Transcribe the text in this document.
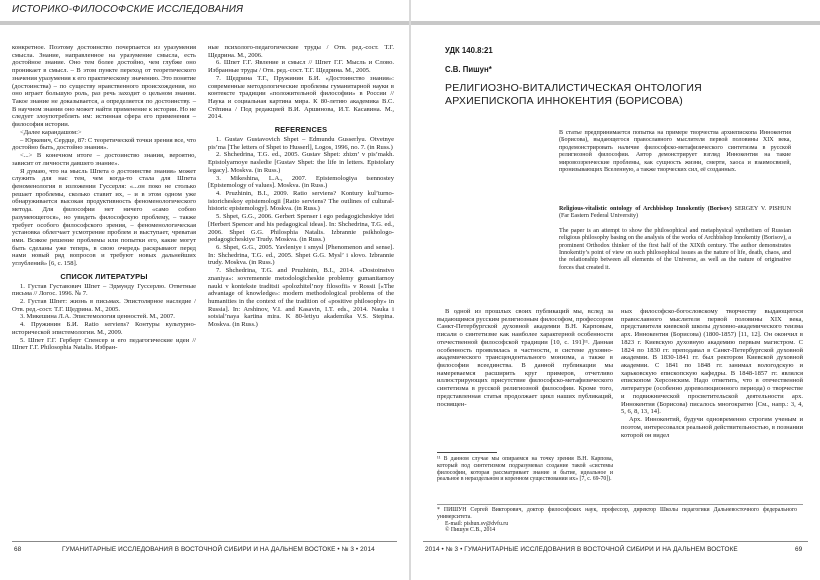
ИСТОРИКО-ФИЛОСОФСКИЕ ИССЛЕДОВАНИЯ

конкретное. Поэтому достоинство почерпается из уразумения смысла. Знание, направленное на уразумение смысла, есть достойное знание. Оно тем более достойно, чем глубже оно проникает в смысл. – В этом пункте переход от теоретического значения уразумения к его практическому значению. Это понятие (достоинства) – по существу нравственного происхождения, но оно играет большую роль, раз речь заходит о цельном знании. Такое знание не доказывается, а определяется по достоинству. – В научном знании оно может найти применение к истории. Но не следует злоупотреблять им: истинная сфера его применения – философия истории.

<Далее карандашом:>

– Юркевич, Сердце, 87: С теоретической точки зрения все, что достойно быть, достойно знания».

<...> В конечном итоге – достоинство знания, вероятно, зависит от личности давшего знание».

Я думаю, что на мысль Шпета о достоинстве знания» может служить для нас тем, чем когда-то стала для Шпета феноменология в изложении Гуссерля: «...он поко не столько решает проблемы, сколько ставит их, – и в этом одном уже обнаруживается высокая продуктивность феноменологического метода. Для философии нет ничего «само собою разумеющегося», но увидеть философскую проблему, – также требует особого философского зрения, – феноменологическая установка облегчает усмотрение проблем и выступает, чреватая ими. Всякое решение проблемы или попытки его, какие могут быть сделаны уже теперь, в свою очередь раскрывают перед нами новый ряд вопросов и требуют новых дальнейших углублений» [6, с. 158].

СПИСОК ЛИТЕРАТУРЫ

1. Густав Густавович Шпет – Эдмунду Гуссерлю. Ответные письма // Логос. 1996. № 7.

2. Густав Шпет: жизнь в письмах. Эпистолярное наследие / Отв. ред.-сост. Т.Г. Щедрина. М., 2005.

3. Микешина Л.А. Эпистемология ценностей. М., 2007.

4. Пружинин Б.И. Ratio serviens? Контуры культурно-исторической эпистемологии. М., 2009.

5. Шпет Г.Г. Герберт Спенсер и его педагогические идеи // Шпет Г.Г. Philosophia Natalis. Избран-

ные психолого-педагогические труды / Отв. ред.-сост. Т.Г. Щедрина. М., 2006.

6. Шпет Г.Г. Явление и смысл // Шпет Г.Г. Мысль и Слово. Избранные труды / Отв. ред.-сост. Т.Г. Щедрина. М., 2005.

7. Щедрина Т.Г., Пружинин Б.И. «Достоинство знания»: современные методологические проблемы гуманитарной науки в контексте традиции «положительной философии» в России // Наука и социальная картина мира. К 80-летию академика В.С. Стёпина / Под редакцией В.И. Аршинова, И.Т. Касавина. М., 2014.

REFERENCES

1. Gustav Gustavovich Shpet – Edmundu Gusserlyu. Otvetnye pis’ma [The letters of Shpet to Husserl], Logos, 1996, no. 7. (in Russ.)

2. Shchedrina, T.G. ed., 2005. Gustav Shpet: zhizn’ v pis’makh. Epistolyarnoye nasledie [Gustav Shpet: the life in letters. Epistolary legacy]. Moskva. (in Russ.)

3. Mikeshina, L.A., 2007. Epistemologiya tsennostey [Epistemology of values]. Moskva. (in Russ.)

4. Pruzhinin, B.I., 2009. Ratio serviens? Kontury kul’turno-istoricheskoy epistemologii [Ratio serviens? The outlines of cultural-historic epistemology]. Moskva. (in Russ.)

5. Shpet, G.G., 2006. Gerbert Spenser i ego pedagogicheskiye idei [Herbert Spencer and his pedagogical ideas]. In: Shchedrina, T.G. ed., 2006. Shpet G.G. Philosphia Natalis. Izbrannie psikhologo-pedagogicheskiye Trudy. Moskva. (in Russ.)

6. Shpet, G.G., 2005. Yavleniye i smysl [Phenomenon and sense]. In: Shchedrina, T.G. ed., 2005. Shpet G.G. Mysl’ i slovo. Izbrannie trudy. Moskva. (in Russ.)

7. Shchedrina, T.G. and Pruzhinin, B.I., 2014. «Dostoinstvo znaniya»: sovremennie metodologicheskie problemy gumanitarnoy nauki v kontekste traditsii «polozhitel’noy filosofii» v Rossii [«The advantage of knowledge»: modern methodological problems of the humanities in the context of the tradition of «positive philosophy» in Russia]. In: Arshinov, V.I. and Kasavin, I.T. eds., 2014. Nauka i sotsial’naya kartina mira. K 80-letiyu akademika V.S. Stepina. Moskva. (in Russ.)

68	ГУМАНИТАРНЫЕ ИССЛЕДОВАНИЯ В ВОСТОЧНОЙ СИБИРИ И НА ДАЛЬНЕМ ВОСТОКЕ • № 3 • 2014
УДК 140.8:21
С.В. Пишун*
РЕЛИГИОЗНО-ВИТАЛИСТИЧЕСКАЯ ОНТОЛОГИЯ
АРХИЕПИСКОПА ИННОКЕНТИЯ (БОРИСОВА)

В статье предпринимается попытка на примере творчества архиепископа Иннокентия (Борисова), выдающегося православного мыслителя первой половины XIX века, продемонстрировать наличие философско-метафизического синтетизма в русской религиозной философии. Автор демонстрирует взгляд Иннокентия на такие мировоззренческие проблемы, как сущность жизни, смерти, хаоса и взаимосвязей, пронизывающих Вселенную, а также творческих сил, её созданных.

Religious-vitalistic ontology of Archbishop Innokentiy (Borisov) SERGEY V. PISHUN (Far Eastern Federal University)

The paper is an attempt to show the philosophical and metaphysical synthetism of Russian religious philosophy basing on the analysis of the works of Archbishop Innokentiy (Borisov), a prominent Orthodox thinker of the first half of the XIXth century. The author demonstrates Innokentiy’s point of view on such philosophical issues as the nature of life, death, chaos, and the relationship between all elements of the Universe, as well as the nature of originative forces that created it.

В одной из прошлых своих публикаций мы, вслед за выдающимся русским религиозным философом, профессором Санкт-Петербургской духовной академии В.Н. Карповым, писали о синтетизме как наиболее характерной особенности отечественной философской традиции [10, с. 191]¹¹. Данная особенность проявлялась в частности, в системе духовно-академического трансцендентального монизма, а также в философии всеединства. В данной публикации мы намереваемся расширить круг примеров, отчетливо иллюстрирующих присутствие философско-метафизического синтетизма в русской религиозной философии. Кроме того, представленная статья продолжает цикл наших публикаций, посвящен-

¹¹ В данном случае мы опираемся на точку зрения В.Н. Карпова, который под синтетизмом подразумевал создание такой «системы философии, которая рассматривает знание и бытие, идеальное и реальное в нераздельном и коренном существовании их» [7, с. 69-70]).

ных философско-богословскому творчеству выдающегося православного мыслителя первой половины XIX века, представителя киевской школы духовно-академического теизма арх. Иннокентия (Борисова) (1800-1857) [11, 12]. Он окончил в 1823 г. Киевскую духовную академию первым магистром. С 1824 по 1830 гг. преподавал в Санкт-Петербургской духовной академии. В 1830-1841 гг. был ректором Киевской духовной академии. С 1841 по 1848 гг. занимал вологодскую и харьковскую епископскую кафедры. В 1848-1857 гг. являлся епископом Херсонским. Надо отметить, что в отечественной литературе (особенно дореволюционного периода) о творчестве и подвижнической просветительской деятельности арх. Иннокентия (Борисова) писалось многократно [См., напр.: 3, 4, 5, 6, 8, 13, 14].

Арх. Иннокентий, будучи одновременно строгим ученым и поэтом, интересовался реальной действительностью, в познании которой он видел

* ПИШУН Сергей Викторович, доктор философских наук, профессор, директор Школы педагогики Дальневосточного федерального университета.

E-mail: pishun.sv@dvfu.ru

© Пишун С.В., 2014

2014 • № 3 • ГУМАНИТАРНЫЕ ИССЛЕДОВАНИЯ В ВОСТОЧНОЙ СИБИРИ И НА ДАЛЬНЕМ ВОСТОКЕ	69
